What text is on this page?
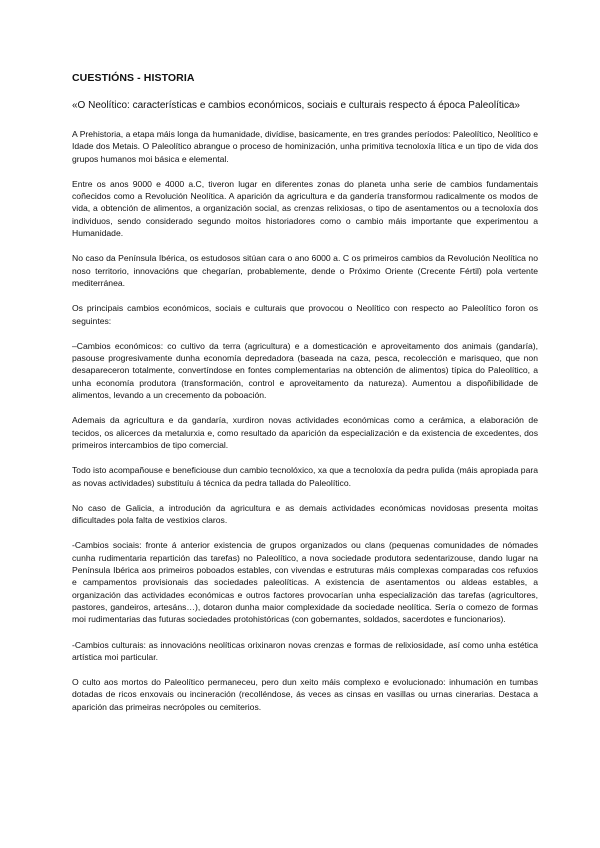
CUESTIÓNS - HISTORIA
«O Neolítico: características e cambios económicos, sociais e culturais respecto á época Paleolítica»

A Prehistoria, a etapa máis longa da humanidade, divídise, basicamente, en tres grandes períodos: Paleolítico, Neolítico e Idade dos Metais. O Paleolítico abrangue o proceso de hominización, unha primitiva tecnoloxía lítica e un tipo de vida dos grupos humanos moi básica e elemental.

Entre os anos 9000 e 4000 a.C, tiveron lugar en diferentes zonas do planeta unha serie de cambios fundamentais coñecidos como a Revolución Neolítica. A aparición da agricultura e da gandería transformou radicalmente os modos de vida, a obtención de alimentos, a organización social, as crenzas relixiosas, o tipo de asentamentos ou a tecnoloxía dos individuos, sendo considerado segundo moitos historiadores como o cambio máis importante que experimentou a Humanidade.

No caso da Península Ibérica, os estudosos sitúan cara o ano 6000 a. C os primeiros cambios da Revolución Neolítica no noso territorio, innovacións que chegarían, probablemente, dende o Próximo Oriente (Crecente Fértil) pola vertente mediterránea.

Os principais cambios económicos, sociais e culturais que provocou o Neolítico con respecto ao Paleolítico foron os seguintes:

–Cambios económicos: co cultivo da terra (agricultura) e a domesticación e aproveitamento dos animais (gandaría), pasouse progresivamente dunha economía depredadora (baseada na caza, pesca, recolección e marisqueo, que non desapareceron totalmente, convertíndose en fontes complementarias na obtención de alimentos) típica do Paleolítico, a unha economía produtora (transformación, control e aproveitamento da natureza). Aumentou a dispoñibilidade de alimentos, levando a un crecemento da poboación.

Ademais da agricultura e da gandaría, xurdiron novas actividades económicas como a cerámica, a elaboración de tecidos, os alicerces da metalurxia e, como resultado da aparición da especialización e da existencia de excedentes, dos primeiros intercambios de tipo comercial.

Todo isto acompañouse e beneficiouse dun cambio tecnolóxico, xa que a tecnoloxía da pedra pulida (máis apropiada para as novas actividades) substituíu á técnica da pedra tallada do Paleolítico.

No caso de Galicia, a introdución da agricultura e as demais actividades económicas novidosas presenta moitas dificultades pola falta de vestixios claros.

-Cambios sociais: fronte á anterior existencia de grupos organizados ou clans (pequenas comunidades de nómades cunha rudimentaria repartición das tarefas) no Paleolítico, a nova sociedade produtora sedentarizouse, dando lugar na Península Ibérica aos primeiros poboados estables, con vivendas e estruturas máis complexas comparadas cos refuxios e campamentos provisionais das sociedades paleolíticas. A existencia de asentamentos ou aldeas estables, a organización das actividades económicas e outros factores provocarían unha especialización das tarefas (agricultores, pastores, gandeiros, artesáns…), dotaron dunha maior complexidade da sociedade neolítica. Sería o comezo de formas moi rudimentarias das futuras sociedades protohistóricas (con gobernantes, soldados, sacerdotes e funcionarios).

-Cambios culturais: as innovacións neolíticas orixinaron novas crenzas e formas de relixiosidade, así como unha estética artística moi particular.

O culto aos mortos do Paleolítico permaneceu, pero dun xeito máis complexo e evolucionado: inhumación en tumbas dotadas de ricos enxovais ou incineración (recolléndose, ás veces as cinsas en vasillas ou urnas cinerarias. Destaca a aparición das primeiras necrópoles ou cemiterios.
